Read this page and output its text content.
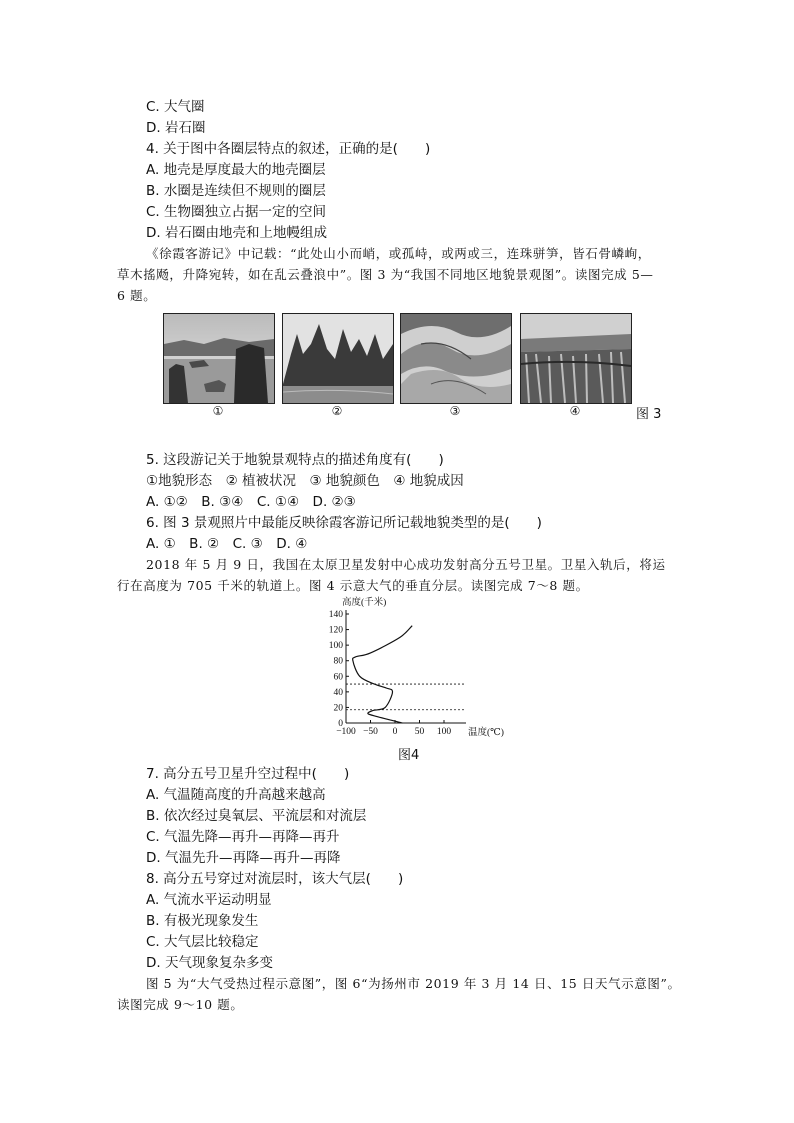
C. 大气圈
D. 岩石圈
4. 关于图中各圈层特点的叙述，正确的是(　　)
A. 地壳是厚度最大的地壳圈层
B. 水圈是连续但不规则的圈层
C. 生物圈独立占据一定的空间
D. 岩石圈由地壳和上地幔组成
《徐霞客游记》中记载：“此处山小而峭，或孤峙，或两或三，连珠骈笋，皆石骨嶙峋，
草木搖飏，升降宛转，如在乱云叠浪中”。图 3 为“我国不同地区地貌景观图”。读图完成 5—
6 题。
①	②	③	④	图 3
5. 这段游记关于地貌景观特点的描述角度有(　　)
①地貌形态　② 植被状况　③ 地貌颜色　④ 地貌成因
A. ①②　B. ③④　C. ①④　D. ②③
6. 图 3 景观照片中最能反映徐霞客游记所记载地貌类型的是(　　)
A. ①　B. ②　C. ③　D. ④
2018 年 5 月 9 日，我国在太原卫星发射中心成功发射高分五号卫星。卫星入轨后，将运
行在高度为 705 千米的轨道上。图 4 示意大气的垂直分层。读图完成 7～8 题。
0
20
40
60
80
100
120
140
−100 −50 0 50 100
高度(千米)
温度(℃)
图4
7. 高分五号卫星升空过程中(　　)
A. 气温随高度的升高越来越高
B. 依次经过臭氧层、平流层和对流层
C. 气温先降—再升—再降—再升
D. 气温先升—再降—再升—再降
8. 高分五号穿过对流层时，该大气层(　　)
A. 气流水平运动明显
B. 有极光现象发生
C. 大气层比较稳定
D. 天气现象复杂多变
图 5 为“大气受热过程示意图”，图 6“为扬州市 2019 年 3 月 14 日、15 日天气示意图”。
读图完成 9～10 题。
